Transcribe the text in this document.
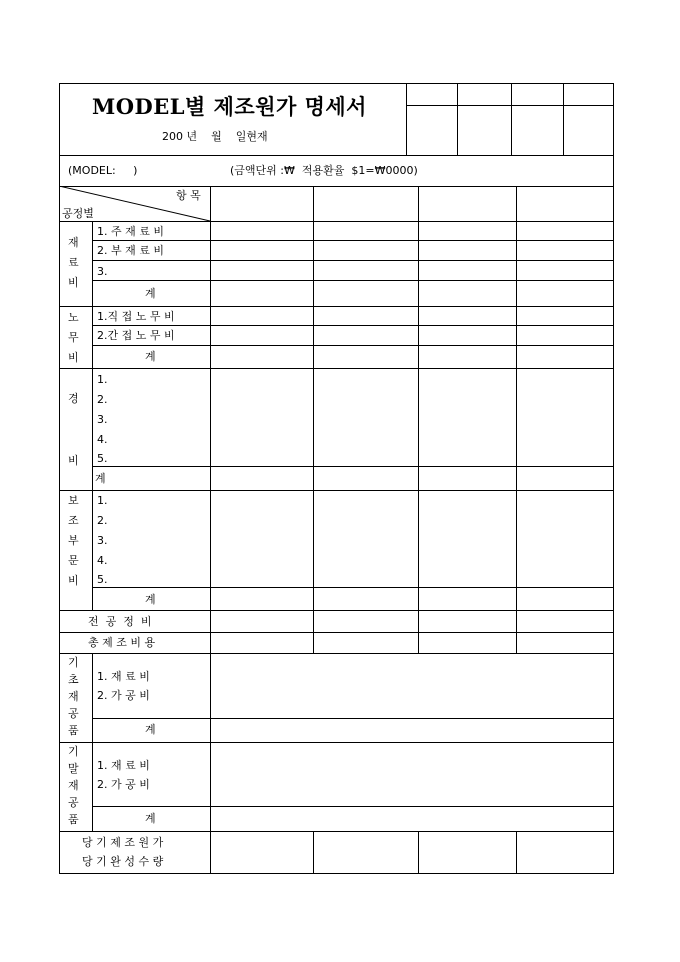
MODEL별 제조원가 명세서
200 년    월    일현재
(MODEL:     )	(금액단위 :₩  적용환율  $1=₩0000)
항 목
공정별
재
료
비
1. 주 재 료 비
2. 부 재 료 비
3.
계
노
무
비
1.직 접 노 무 비
2.간 접 노 무 비
계
경
비
1.
2.
3.
4.
5.
계
보
조
부
문
비
1.
2.
3.
4.
5.
계
전  공  정  비
총 제 조 비 용
기
초
재
공
품
1. 재 료 비
2. 가 공 비
계
기
말
재
공
품
1. 재 료 비
2. 가 공 비
계
당 기 제 조 원 가
당 기 완 성 수 량
